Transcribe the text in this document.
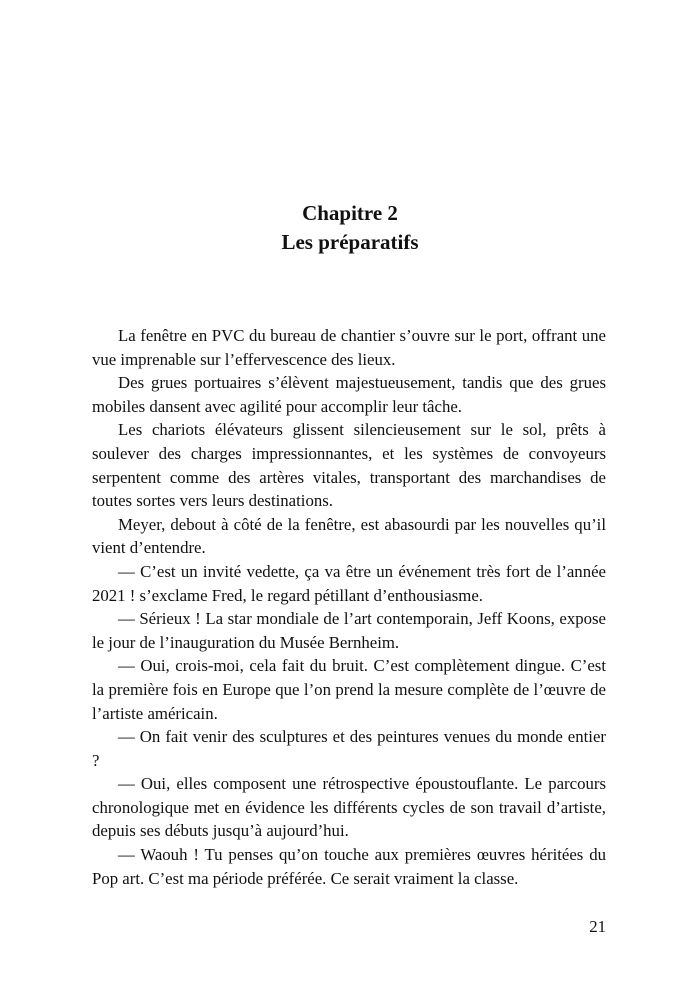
Chapitre 2
Les préparatifs

La fenêtre en PVC du bureau de chantier s’ouvre sur le port, offrant une vue imprenable sur l’effervescence des lieux.

Des grues portuaires s’élèvent majestueusement, tandis que des grues mobiles dansent avec agilité pour accomplir leur tâche.

Les chariots élévateurs glissent silencieusement sur le sol, prêts à soulever des charges impressionnantes, et les systèmes de convoyeurs serpentent comme des artères vitales, transportant des marchandises de toutes sortes vers leurs destinations.

Meyer, debout à côté de la fenêtre, est abasourdi par les nouvelles qu’il vient d’entendre.

— C’est un invité vedette, ça va être un événement très fort de l’année 2021 ! s’exclame Fred, le regard pétillant d’enthousiasme.

— Sérieux ! La star mondiale de l’art contemporain, Jeff Koons, expose le jour de l’inauguration du Musée Bernheim.

— Oui, crois-moi, cela fait du bruit. C’est complètement dingue. C’est la première fois en Europe que l’on prend la mesure complète de l’œuvre de l’artiste américain.

— On fait venir des sculptures et des peintures venues du monde entier ?

— Oui, elles composent une rétrospective époustouflante. Le parcours chronologique met en évidence les différents cycles de son travail d’artiste, depuis ses débuts jusqu’à aujourd’hui.

— Waouh ! Tu penses qu’on touche aux premières œuvres héritées du Pop art. C’est ma période préférée. Ce serait vraiment la classe.

21
